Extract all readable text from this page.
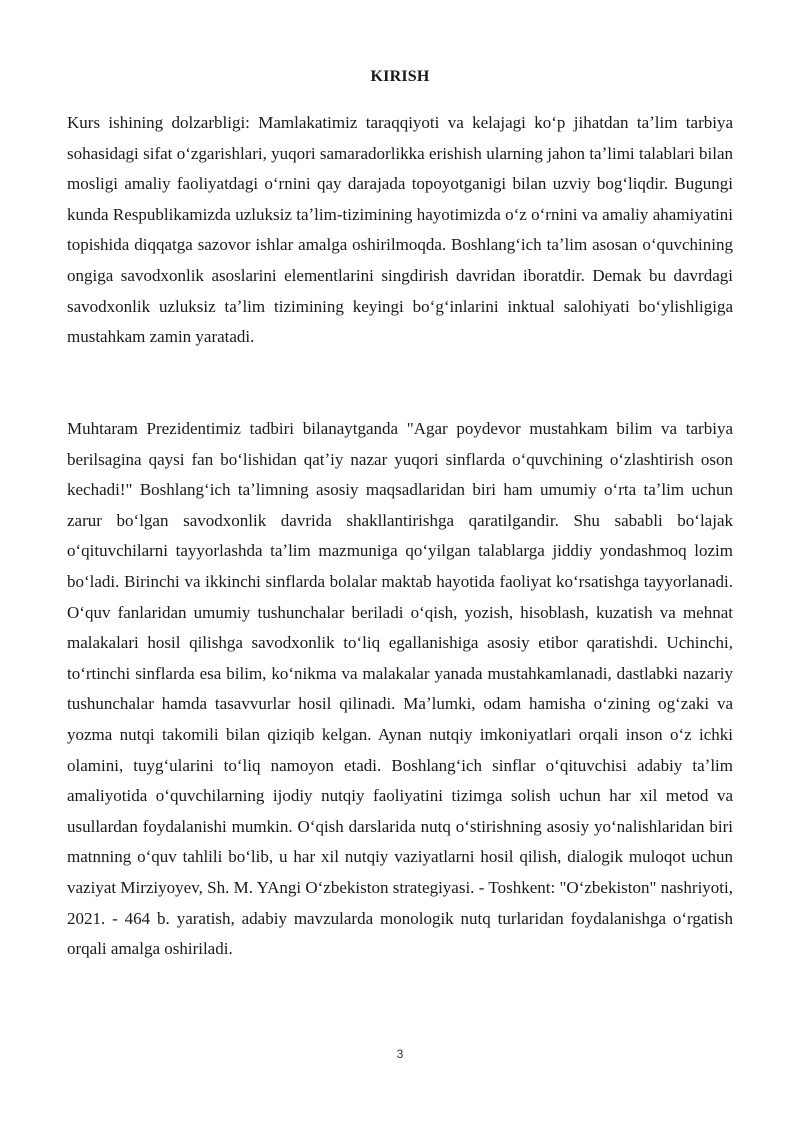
KIRISH

Kurs ishining dolzarbligi: Mamlakatimiz taraqqiyoti va kelajagi koʻp jihatdan taʼlim tarbiya sohasidagi sifat oʻzgarishlari, yuqori samaradorlikka erishish ularning jahon taʼlimi talablari bilan mosligi amaliy faoliyatdagi oʻrnini qay darajada topoyotganigi bilan uzviy bogʻliqdir. Bugungi kunda Respublikamizda uzluksiz taʼlim-tizimining hayotimizda oʻz oʻrnini va amaliy ahamiyatini topishida diqqatga sazovor ishlar amalga oshirilmoqda. Boshlangʻich taʼlim asosan oʻquvchining ongiga savodxonlik asoslarini elementlarini singdirish davridan iboratdir. Demak bu davrdagi savodxonlik uzluksiz taʼlim tizimining keyingi boʻgʻinlarini inktual salohiyati boʻylishligiga mustahkam zamin yaratadi.

Muhtaram Prezidentimiz tadbiri bilanaytganda "Agar poydevor mustahkam bilim va tarbiya berilsagina qaysi fan boʻlishidan qatʼiy nazar yuqori sinflarda oʻquvchining oʻzlashtirish oson kechadi!" Boshlangʻich taʼlimning asosiy maqsadlaridan biri ham umumiy oʻrta taʼlim uchun zarur boʻlgan savodxonlik davrida shakllantirishga qaratilgandir. Shu sababli boʻlajak oʻqituvchilarni tayyorlashda taʼlim mazmuniga qoʻyilgan talablarga jiddiy yondashmoq lozim boʻladi. Birinchi va ikkinchi sinflarda bolalar maktab hayotida faoliyat koʻrsatishga tayyorlanadi. Oʻquv fanlaridan umumiy tushunchalar beriladi oʻqish, yozish, hisoblash, kuzatish va mehnat malakalari hosil qilishga savodxonlik toʻliq egallanishiga asosiy etibor qaratishdi. Uchinchi, toʻrtinchi sinflarda esa bilim, koʻnikma va malakalar yanada mustahkamlanadi, dastlabki nazariy tushunchalar hamda tasavvurlar hosil qilinadi. Maʼlumki, odam hamisha oʻzining ogʻzaki va yozma nutqi takomili bilan qiziqib kelgan. Aynan nutqiy imkoniyatlari orqali inson oʻz ichki olamini, tuygʻularini toʻliq namoyon etadi. Boshlangʻich sinflar oʻqituvchisi adabiy taʼlim amaliyotida oʻquvchilarning ijodiy nutqiy faoliyatini tizimga solish uchun har xil metod va usullardan foydalanishi mumkin. Oʻqish darslarida nutq oʻstirishning asosiy yoʻnalishlaridan biri matnning oʻquv tahlili boʻlib, u har xil nutqiy vaziyatlarni hosil qilish, dialogik muloqot uchun vaziyat Mirziyoyev, Sh. M. YAngi Oʻzbekiston strategiyasi. - Toshkent: "Oʻzbekiston" nashriyoti, 2021. - 464 b. yaratish, adabiy mavzularda monologik nutq turlaridan foydalanishga oʻrgatish orqali amalga oshiriladi.

3
